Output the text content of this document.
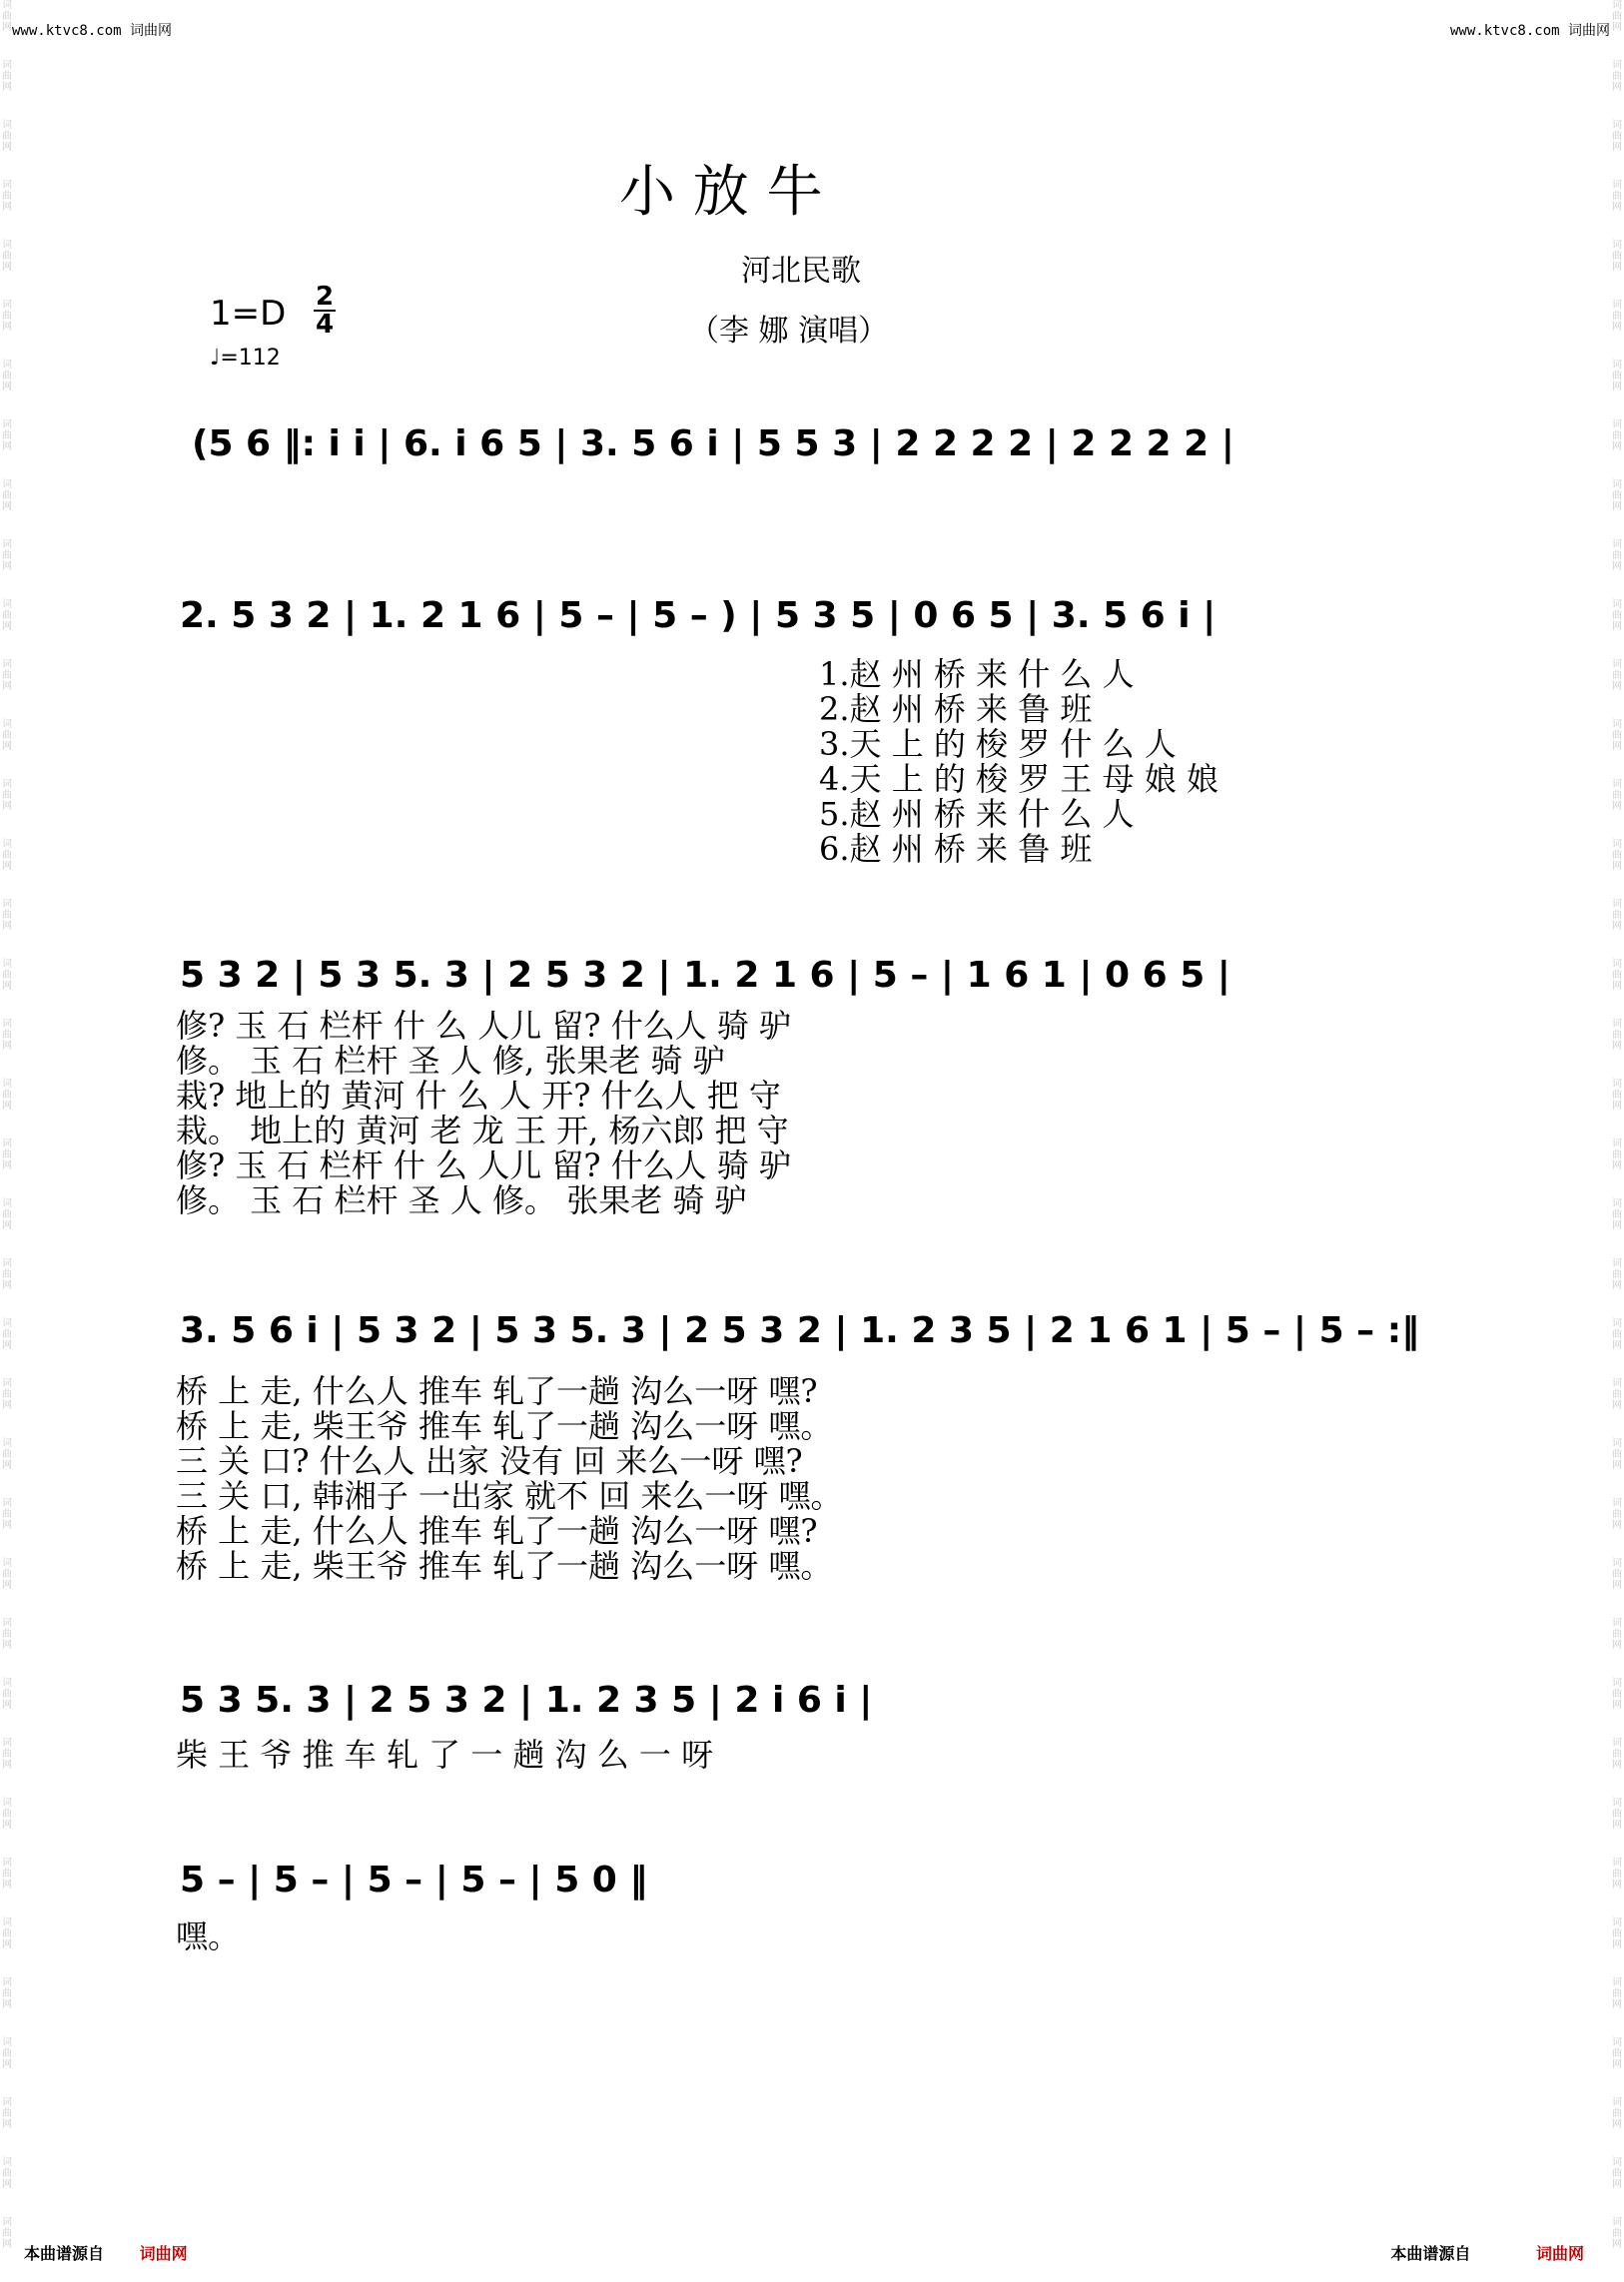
www.ktvc8.com 词曲网	www.ktvc8.com 词曲网
词
曲
网
词
曲
网
词
曲
网
词
曲
网
词
曲
网
词
曲
网
词
曲
网
词
曲
网
词
曲
网
词
曲
网
词
曲
网
词
曲
网
词
曲
网
词
曲
网
词
曲
网
词
曲
网
词
曲
网
词
曲
网
词
曲
网
词
曲
网
词
曲
网
词
曲
网
词
曲
网
词
曲
网
词
曲
网
词
曲
网
词
曲
网
词
曲
网
词
曲
网
词
曲
网
词
曲
网
词
曲
网
词
曲
网
词
曲
网
词
曲
网
词
曲
网
词
曲
网
词
曲
网
词
曲
网
词
曲
网
词
曲
网
词
曲
网
词
曲
网
词
曲
网
词
曲
网
词
曲
网
词
曲
网
词
曲
网
词
曲
网
词
曲
网
词
曲
网
词
曲
网
词
曲
网
词
曲
网
词
曲
网
词
曲
网
词
曲
网
词
曲
网
词
曲
网
词
曲
网
词
曲
网
词
曲
网
词
曲
网
词
曲
网
词
曲
网
词
曲
网
词
曲
网
词
曲
网
词
曲
网
词
曲
网
词
曲
网
词
曲
网
词
曲
网
词
曲
网
词
曲
网
词
曲
网
小 放 牛
河北民歌
（李 娜 演唱）
1=D 2
4
♩=112
(5 6 ‖: i i | 6. i 6 5 | 3. 5 6 i | 5 5 3 | 2 2 2 2 | 2 2 2 2 |
2. 5 3 2 | 1. 2 1 6 | 5 – | 5 – ) | 5 3 5 | 0 6 5 | 3. 5 6 i |
1.赵 州 桥 来 什 么 人
2.赵 州 桥 来 鲁 班
3.天 上 的 梭 罗 什 么 人
4.天 上 的 梭 罗 王 母 娘 娘
5.赵 州 桥 来 什 么 人
6.赵 州 桥 来 鲁 班
5 3 2 | 5 3 5. 3 | 2 5 3 2 | 1. 2 1 6 | 5 – | 1 6 1 | 0 6 5 |
修? 玉 石 栏杆 什 么 人儿 留? 什么人 骑 驴
修。 玉 石 栏杆 圣 人 修, 张果老 骑 驴
栽? 地上的 黄河 什 么 人 开? 什么人 把 守
栽。 地上的 黄河 老 龙 王 开, 杨六郎 把 守
修? 玉 石 栏杆 什 么 人儿 留? 什么人 骑 驴
修。 玉 石 栏杆 圣 人 修。 张果老 骑 驴
3. 5 6 i | 5 3 2 | 5 3 5. 3 | 2 5 3 2 | 1. 2 3 5 | 2 1 6 1 | 5 – | 5 – :‖
桥 上 走, 什么人 推车 轧了一趟 沟么一呀 嘿?
桥 上 走, 柴王爷 推车 轧了一趟 沟么一呀 嘿。
三 关 口? 什么人 出家 没有 回 来么一呀 嘿?
三 关 口, 韩湘子 一出家 就不 回 来么一呀 嘿。
桥 上 走, 什么人 推车 轧了一趟 沟么一呀 嘿?
桥 上 走, 柴王爷 推车 轧了一趟 沟么一呀 嘿。
5 3 5. 3 | 2 5 3 2 | 1. 2 3 5 | 2 i 6 i |
柴 王 爷 推 车 轧 了 一 趟 沟 么 一 呀
5 – | 5 – | 5 – | 5 – | 5 0 ‖
嘿。
本曲谱源自 词曲网	本曲谱源自	词曲网
